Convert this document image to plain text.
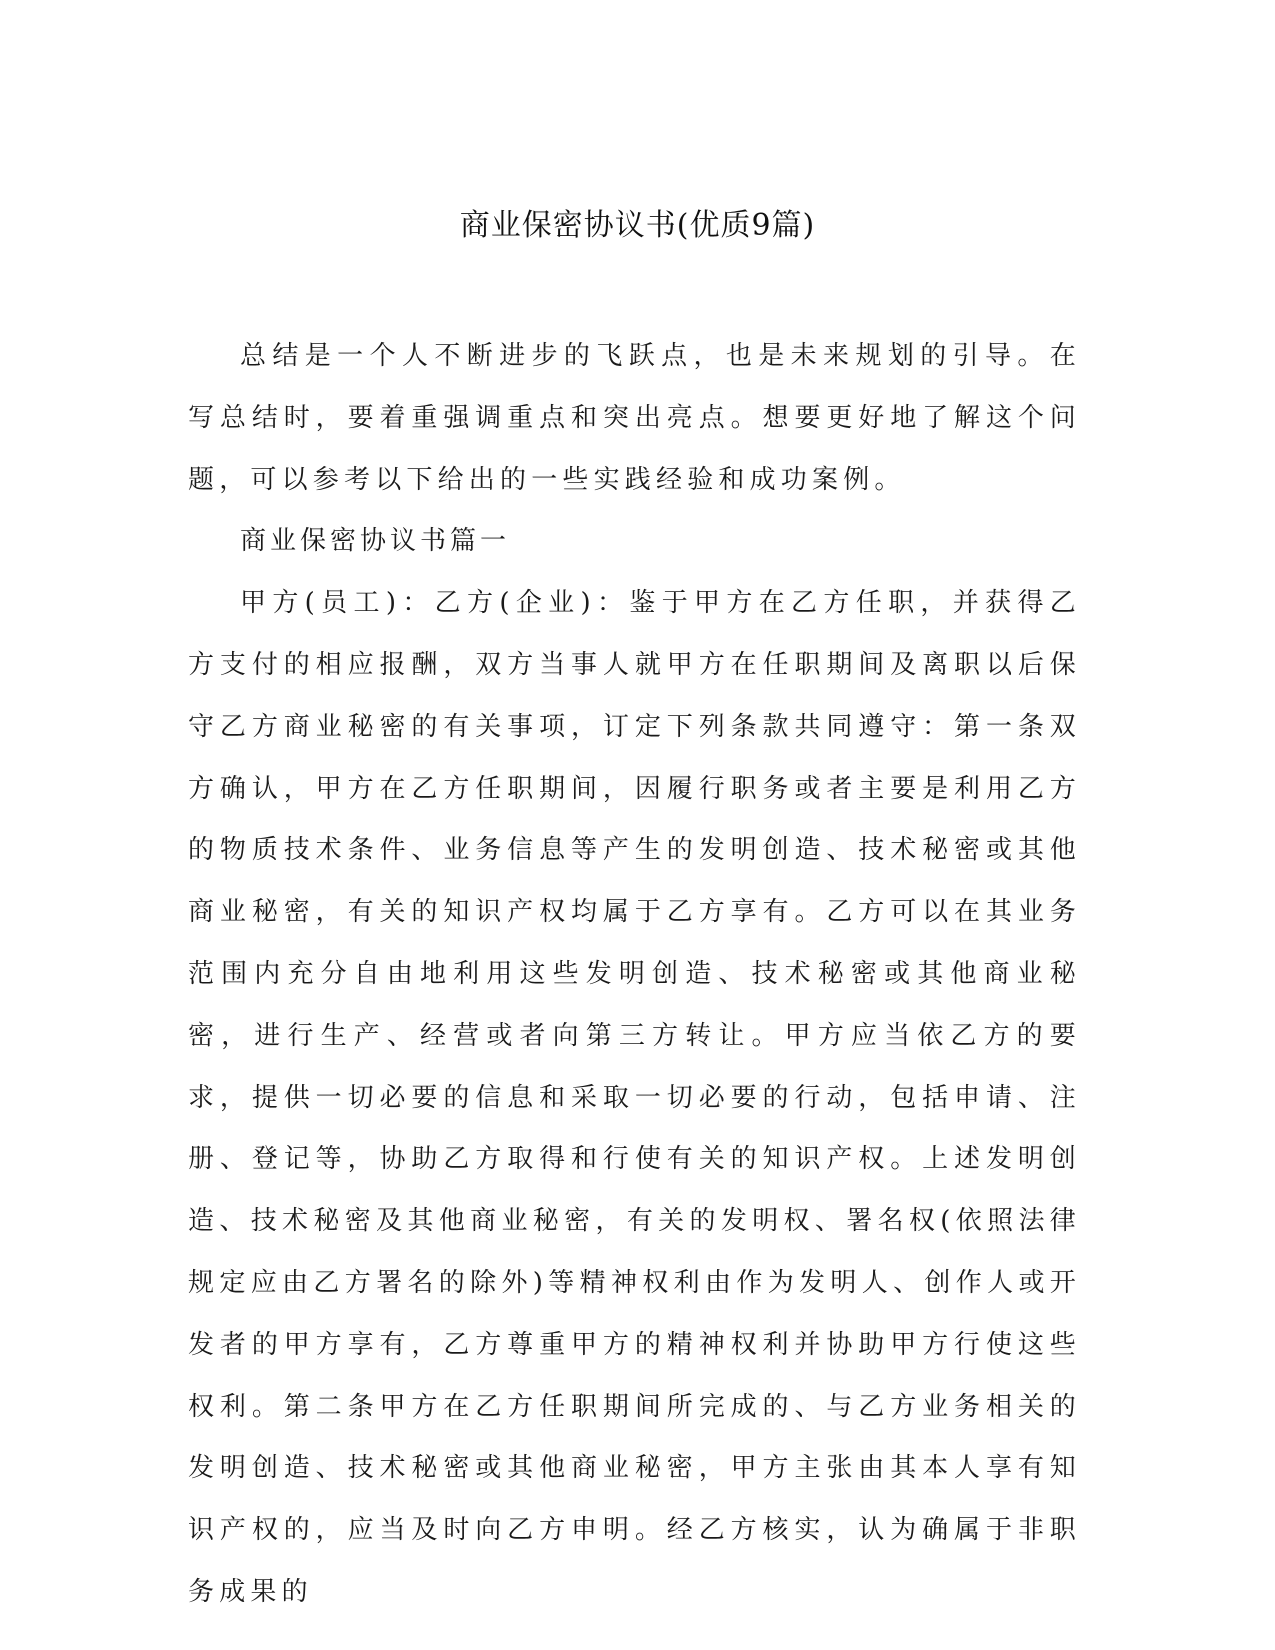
商业保密协议书(优质9篇)

总结是一个人不断进步的飞跃点，也是未来规划的引导。在写总结时，要着重强调重点和突出亮点。想要更好地了解这个问题，可以参考以下给出的一些实践经验和成功案例。

商业保密协议书篇一

甲方(员工)：乙方(企业)：鉴于甲方在乙方任职，并获得乙方支付的相应报酬，双方当事人就甲方在任职期间及离职以后保守乙方商业秘密的有关事项，订定下列条款共同遵守：第一条双方确认，甲方在乙方任职期间，因履行职务或者主要是利用乙方的物质技术条件、业务信息等产生的发明创造、技术秘密或其他商业秘密，有关的知识产权均属于乙方享有。乙方可以在其业务范围内充分自由地利用这些发明创造、技术秘密或其他商业秘密，进行生产、经营或者向第三方转让。甲方应当依乙方的要求，提供一切必要的信息和采取一切必要的行动，包括申请、注册、登记等，协助乙方取得和行使有关的知识产权。上述发明创造、技术秘密及其他商业秘密，有关的发明权、署名权(依照法律规定应由乙方署名的除外)等精神权利由作为发明人、创作人或开发者的甲方享有，乙方尊重甲方的精神权利并协助甲方行使这些权利。第二条甲方在乙方任职期间所完成的、与乙方业务相关的发明创造、技术秘密或其他商业秘密，甲方主张由其本人享有知识产权的，应当及时向乙方申明。经乙方核实，认为确属于非职务成果的
